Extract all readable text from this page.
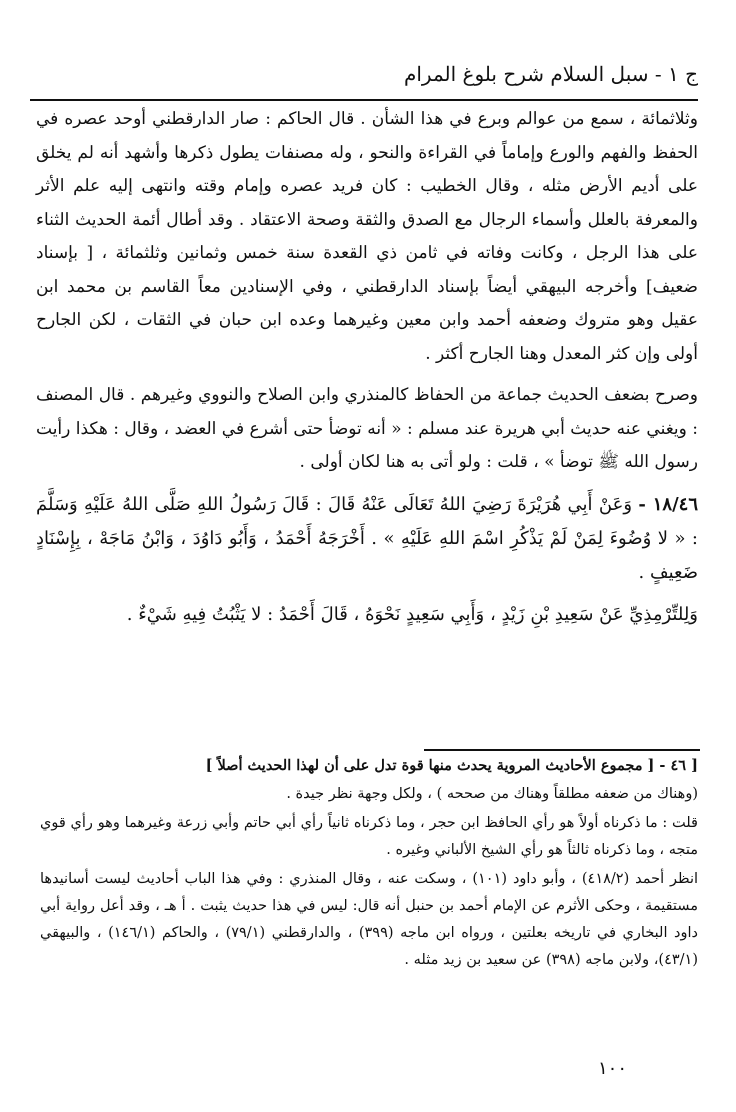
ج ١ - سبل السلام شرح بلوغ المرام

وثلاثمائة ، سمع من عوالم وبرع في هذا الشأن . قال الحاكم : صار الدارقطني أوحد عصره في الحفظ والفهم والورع وإماماً في القراءة والنحو ، وله مصنفات يطول ذكرها وأشهد أنه لم يخلق على أديم الأرض مثله ، وقال الخطيب : كان فريد عصره وإمام وقته وانتهى إليه علم الأثر والمعرفة بالعلل وأسماء الرجال مع الصدق والثقة وصحة الاعتقاد . وقد أطال أئمة الحديث الثناء على هذا الرجل ، وكانت وفاته في ثامن ذي القعدة سنة خمس وثمانين وثلثمائة ، [ بإسناد ضعيف] وأخرجه البيهقي أيضاً بإسناد الدارقطني ، وفي الإسنادين معاً القاسم بن محمد ابن عقيل وهو متروك وضعفه أحمد وابن معين وغيرهما وعده ابن حبان في الثقات ، لكن الجارح أولى وإن كثر المعدل وهنا الجارح أكثر .

وصرح بضعف الحديث جماعة من الحفاظ كالمنذري وابن الصلاح والنووي وغيرهم . قال المصنف : ويغني عنه حديث أبي هريرة عند مسلم : « أنه توضأ حتى أشرع في العضد ، وقال : هكذا رأيت رسول الله ﷺ توضأ » ، قلت : ولو أتى به هنا لكان أولى .

١٨/٤٦ - وَعَنْ أَبِي هُرَيْرَةَ رَضِيَ اللهُ تَعَالَى عَنْهُ قَالَ : قَالَ رَسُولُ اللهِ صَلَّى اللهُ عَلَيْهِ وَسَلَّمَ : « لا وُضُوءَ لِمَنْ لَمْ يَذْكُرِ اسْمَ اللهِ عَلَيْهِ » . أَخْرَجَهُ أَحْمَدُ ، وَأَبُو دَاوُدَ ، وَابْنُ مَاجَهْ ، بِإِسْنَادٍ ضَعِيفٍ .

وَلِلتِّرْمِذِيِّ عَنْ سَعِيدِ بْنِ زَيْدٍ ، وَأَبِي سَعِيدٍ نَحْوَهُ ، قَالَ أَحْمَدُ : لا يَثْبُتُ فِيهِ شَيْءٌ .

[ ٤٦ - [ مجموع الأحاديث المروية يحدث منها قوة تدل على أن لهذا الحديث أصلاً ]

(وهناك من ضعفه مطلقاً وهناك من صححه ) ، ولكل وجهة نظر جيدة .

قلت : ما ذكرناه أولاً هو رأي الحافظ ابن حجر ، وما ذكرناه ثانياً رأي أبي حاتم وأبي زرعة وغيرهما وهو رأي قوي متجه ، وما ذكرناه ثالثاً هو رأي الشيخ الألباني وغيره .

انظر أحمد (٤١٨/٢) ، وأبو داود (١٠١) ، وسكت عنه ، وقال المنذري : وفي هذا الباب أحاديث ليست أسانيدها مستقيمة ، وحكى الأثرم عن الإمام أحمد بن حنبل أنه قال: ليس في هذا حديث يثبت . أ هـ ، وقد أعل رواية أبي داود البخاري في تاريخه بعلتين ، ورواه ابن ماجه (٣٩٩) ، والدارقطني (٧٩/١) ، والحاكم (١٤٦/١) ، والبيهقي (٤٣/١)، ولابن ماجه (٣٩٨) عن سعيد بن زيد مثله .

١٠٠
